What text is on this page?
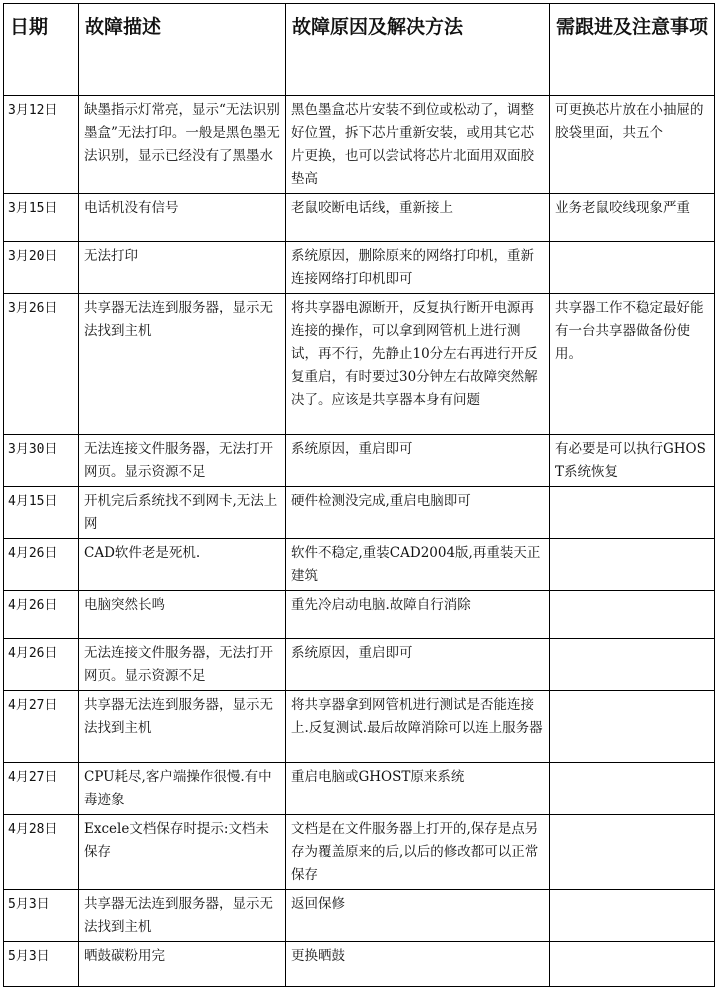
日期	故障描述	故障原因及解决方法	需跟进及注意事项
3月12日	缺墨指示灯常亮，显示“无法识别墨盒”无法打印。一般是黑色墨无法识别，显示已经没有了黑墨水	黑色墨盒芯片安装不到位或松动了，调整好位置，拆下芯片重新安装，或用其它芯片更换，也可以尝试将芯片北面用双面胶垫高	可更换芯片放在小抽屉的胶袋里面，共五个
3月15日	电话机没有信号	老鼠咬断电话线，重新接上	业务老鼠咬线现象严重
3月20日	无法打印	系统原因，删除原来的网络打印机，重新连接网络打印机即可	
3月26日	共享器无法连到服务器，显示无法找到主机	将共享器电源断开，反复执行断开电源再连接的操作，可以拿到网管机上进行测试，再不行，先静止10分左右再进行开反复重启，有时要过30分钟左右故障突然解决了。应该是共享器本身有问题	共享器工作不稳定最好能有一台共享器做备份使用。
3月30日	无法连接文件服务器，无法打开网页。显示资源不足	系统原因，重启即可	有必要是可以执行GHOST系统恢复
4月15日	开机完后系统找不到网卡,无法上网	硬件检测没完成,重启电脑即可	
4月26日	CAD软件老是死机.	软件不稳定,重装CAD2004版,再重装天正建筑	
4月26日	电脑突然长鸣	重先冷启动电脑.故障自行消除	
4月26日	无法连接文件服务器，无法打开网页。显示资源不足	系统原因，重启即可	
4月27日	共享器无法连到服务器，显示无法找到主机	将共享器拿到网管机进行测试是否能连接上.反复测试.最后故障消除可以连上服务器	
4月27日	CPU耗尽,客户端操作很慢.有中毒迹象	重启电脑或GHOST原来系统	
4月28日	Excele文档保存时提示:文档未保存	文档是在文件服务器上打开的,保存是点另存为覆盖原来的后,以后的修改都可以正常保存	
5月3日	共享器无法连到服务器，显示无法找到主机	返回保修	
5月3日	晒鼓碳粉用完	更换晒鼓	
